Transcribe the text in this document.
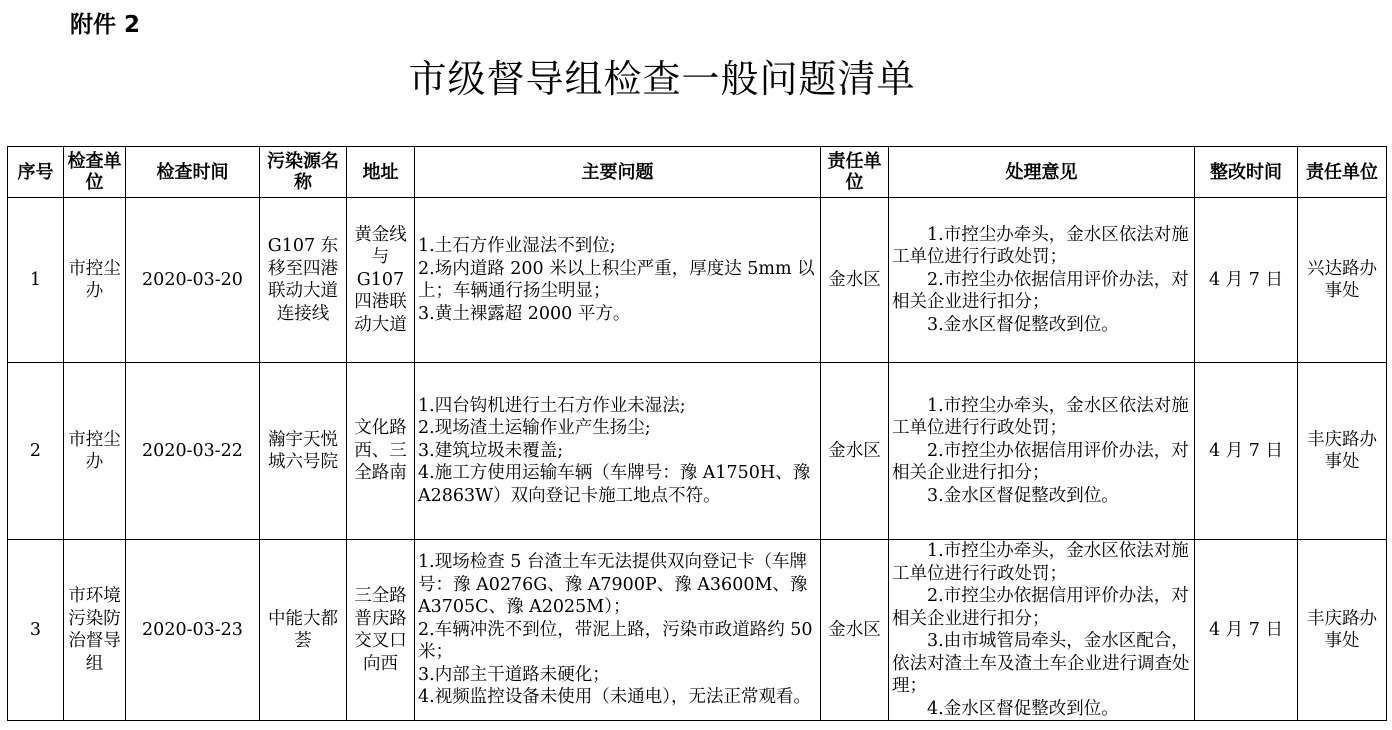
附件 2
市级督导组检查一般问题清单
序号	检查单位	检查时间	污染源名称	地址	主要问题	责任单位	处理意见	整改时间	责任单位
1	市控尘办	2020-03-20	G107 东移至四港联动大道连接线	黄金线与 G107 四港联动大道	1.土石方作业湿法不到位;
2.场内道路 200 米以上积尘严重，厚度达 5mm 以上；车辆通行扬尘明显；
3.黄土裸露超 2000 平方。	金水区	1.市控尘办牵头，金水区依法对施工单位进行行政处罚；
2.市控尘办依据信用评价办法，对相关企业进行扣分；
3.金水区督促整改到位。	4 月 7 日	兴达路办事处
2	市控尘办	2020-03-22	瀚宇天悦城六号院	文化路西、三全路南	1.四台钩机进行土石方作业未湿法;
2.现场渣土运输作业产生扬尘;
3.建筑垃圾未覆盖;
4.施工方使用运输车辆（车牌号：豫 A1750H、豫 A2863W）双向登记卡施工地点不符。	金水区	1.市控尘办牵头，金水区依法对施工单位进行行政处罚；
2.市控尘办依据信用评价办法，对相关企业进行扣分；
3.金水区督促整改到位。	4 月 7 日	丰庆路办事处
3	市环境污染防治督导组	2020-03-23	中能大都荟	三全路普庆路交叉口向西	1.现场检查 5 台渣土车无法提供双向登记卡（车牌号：豫 A0276G、豫 A7900P、豫 A3600M、豫 A3705C、豫 A2025M）；
2.车辆冲洗不到位，带泥上路，污染市政道路约 50 米；
3.内部主干道路未硬化；
4.视频监控设备未使用（未通电），无法正常观看。	金水区	1.市控尘办牵头，金水区依法对施工单位进行行政处罚；
2.市控尘办依据信用评价办法，对相关企业进行扣分；
3.由市城管局牵头，金水区配合，依法对渣土车及渣土车企业进行调查处理；
4.金水区督促整改到位。	4 月 7 日	丰庆路办事处
